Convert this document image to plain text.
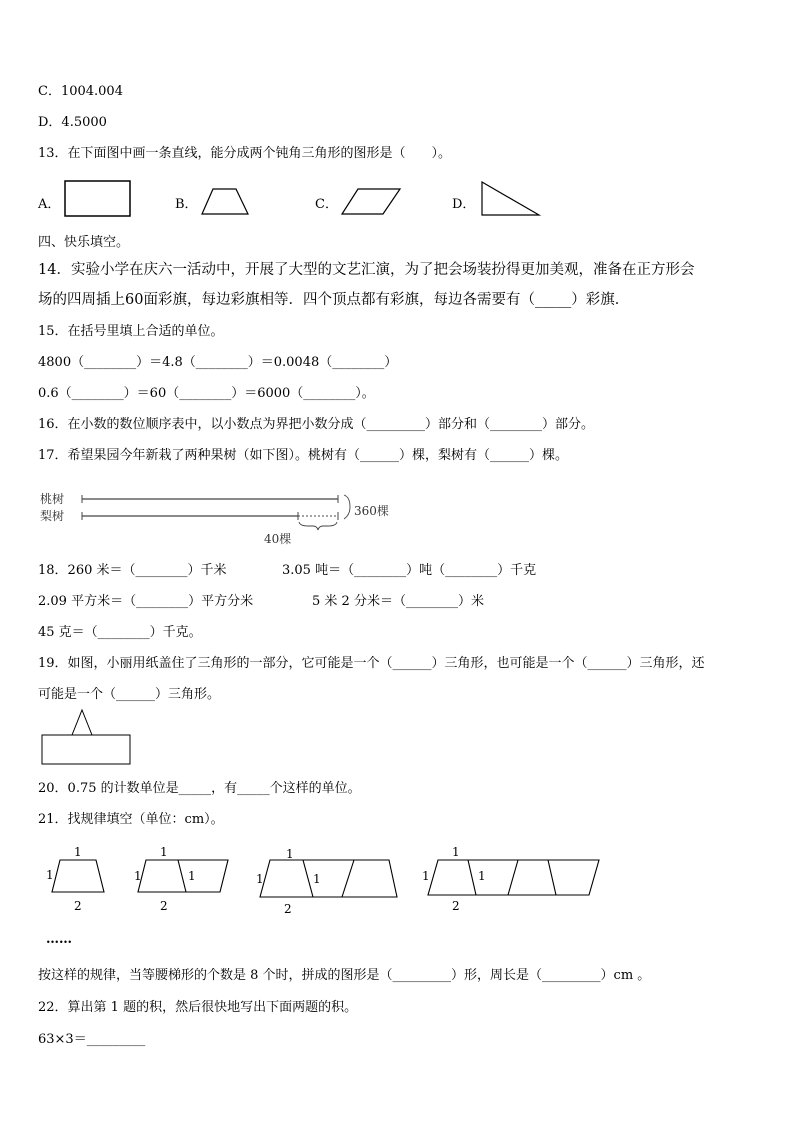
C．1004.004
D．4.5000
13．在下面图中画一条直线，能分成两个钝角三角形的图形是（　　）。
A．	B．	C．	D．
四、快乐填空。
14．实验小学在庆六一活动中，开展了大型的文艺汇演，为了把会场装扮得更加美观，准备在正方形会
场的四周插上60面彩旗，每边彩旗相等．四个顶点都有彩旗，每边各需要有（_____）彩旗．
15．在括号里填上合适的单位。
4800（________）＝4.8（________）＝0.0048（________）
0.6（________）＝60（________）＝6000（________）。
16．在小数的数位顺序表中，以小数点为界把小数分成（_________）部分和（________）部分。
17．希望果园今年新栽了两种果树（如下图）。桃树有（______）棵，梨树有（______）棵。
桃树
梨树	360棵
40棵
18．260 米＝（________）千米	3.05 吨＝（________）吨（________）千克
2.09 平方米＝（________）平方分米	5 米 2 分米＝（________）米
45 克＝（________）千克。
19．如图，小丽用纸盖住了三角形的一部分，它可能是一个（______）三角形，也可能是一个（______）三角形，还
可能是一个（______）三角形。
20．0.75 的计数单位是_____，有_____个这样的单位。
21．找规律填空（单位：cm）。
1
1
2
1
1	1
2
1
1	1
2
1
1	1
2
……
按这样的规律，当等腰梯形的个数是 8 个时，拼成的图形是（_________）形，周长是（_________）cm 。
22．算出第 1 题的积，然后很快地写出下面两题的积。
63×3＝_________
